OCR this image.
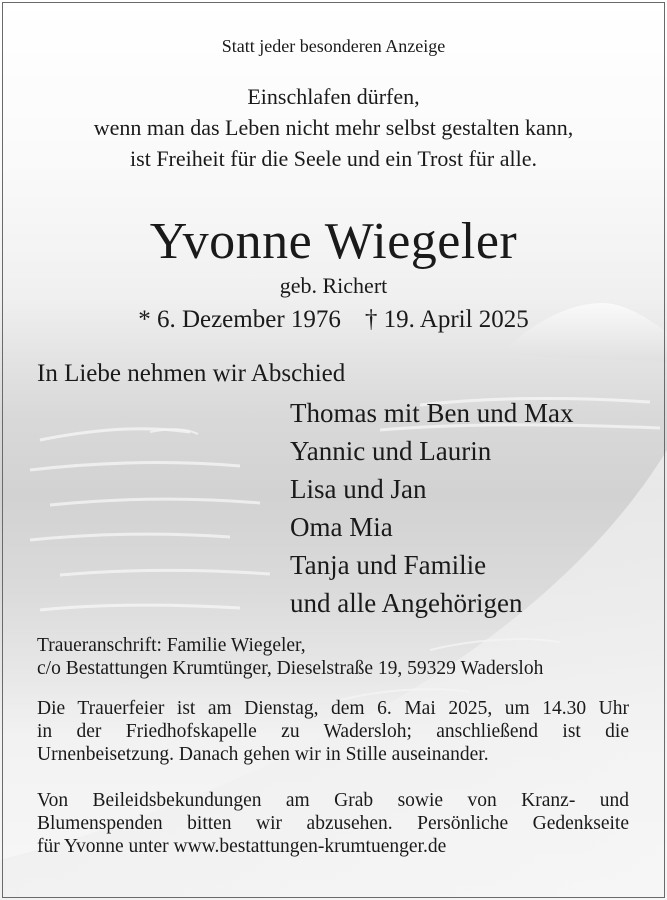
Statt jeder besonderen Anzeige
Einschlafen dürfen,
wenn man das Leben nicht mehr selbst gestalten kann,
ist Freiheit für die Seele und ein Trost für alle.
Yvonne Wiegeler
geb. Richert
* 6. Dezember 1976 † 19. April 2025
In Liebe nehmen wir Abschied
Thomas mit Ben und Max
Yannic und Laurin
Lisa und Jan
Oma Mia
Tanja und Familie
und alle Angehörigen
Traueranschrift: Familie Wiegeler,
c/o Bestattungen Krumtünger, Dieselstraße 19, 59329 Wadersloh
Die Trauerfeier ist am Dienstag, dem 6. Mai 2025, um 14.30 Uhr
in der Friedhofskapelle zu Wadersloh; anschließend ist die
Urnenbeisetzung. Danach gehen wir in Stille auseinander.
Von Beileidsbekundungen am Grab sowie von Kranz- und
Blumenspenden bitten wir abzusehen. Persönliche Gedenkseite
für Yvonne unter www.bestattungen-krumtuenger.de
